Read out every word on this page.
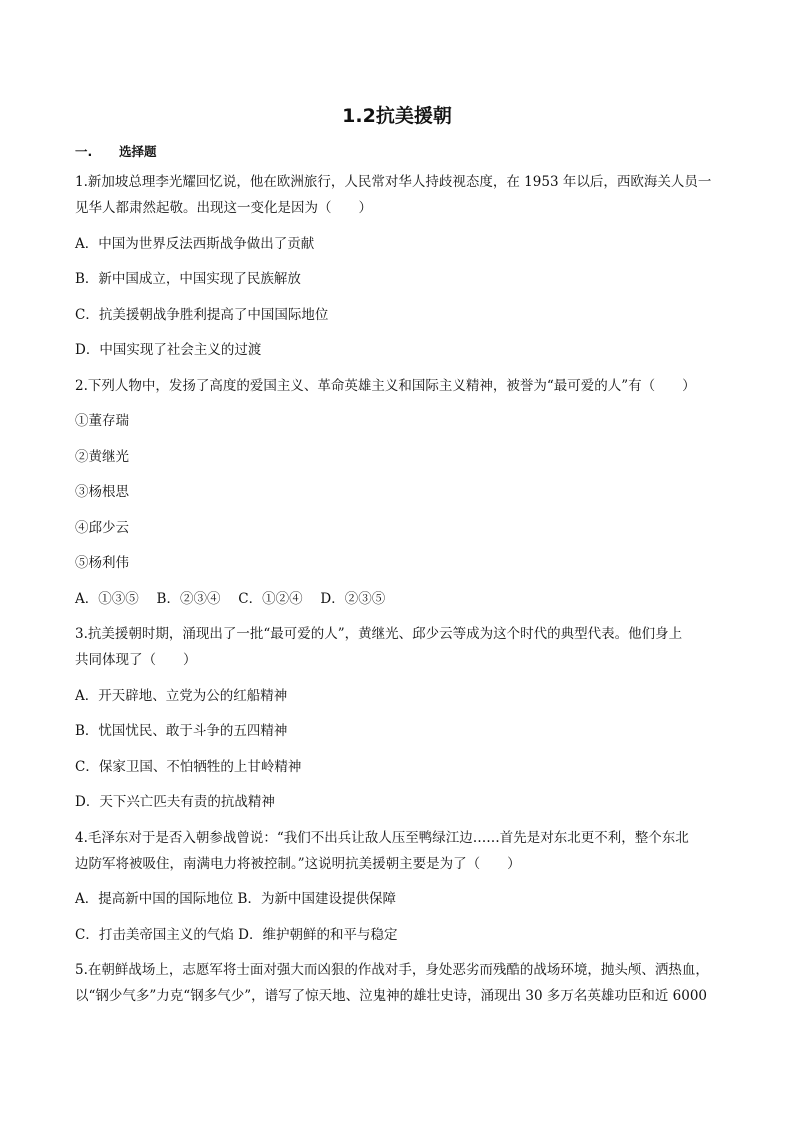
1.2抗美援朝
一. 选择题
1.新加坡总理李光耀回忆说，他在欧洲旅行，人民常对华人持歧视态度，在 1953 年以后，西欧海关人员一
见华人都肃然起敬。出现这一变化是因为（　　）
A．中国为世界反法西斯战争做出了贡献
B．新中国成立，中国实现了民族解放
C．抗美援朝战争胜利提高了中国国际地位
D．中国实现了社会主义的过渡
2.下列人物中，发扬了高度的爱国主义、革命英雄主义和国际主义精神，被誉为“最可爱的人”有（　　）
①董存瑞
②黄继光
③杨根思
④邱少云
⑤杨利伟
A．①③⑤　 B．②③④　 C．①②④　 D．②③⑤
3.抗美援朝时期，涌现出了一批“最可爱的人”，黄继光、邱少云等成为这个时代的典型代表。他们身上
共同体现了（　　）
A．开天辟地、立党为公的红船精神
B．忧国忧民、敢于斗争的五四精神
C．保家卫国、不怕牺牲的上甘岭精神
D．天下兴亡匹夫有责的抗战精神
4.毛泽东对于是否入朝参战曾说：“我们不出兵让敌人压至鸭绿江边……首先是对东北更不利，整个东北
边防军将被吸住，南满电力将被控制。”这说明抗美援朝主要是为了（　　）
A．提高新中国的国际地位 B．为新中国建设提供保障
C．打击美帝国主义的气焰 D．维护朝鲜的和平与稳定
5.在朝鲜战场上，志愿军将士面对强大而凶狠的作战对手，身处恶劣而残酷的战场环境，抛头颅、洒热血，
以“钢少气多”力克“钢多气少”，谱写了惊天地、泣鬼神的雄壮史诗，涌现出 30 多万名英雄功臣和近 6000
